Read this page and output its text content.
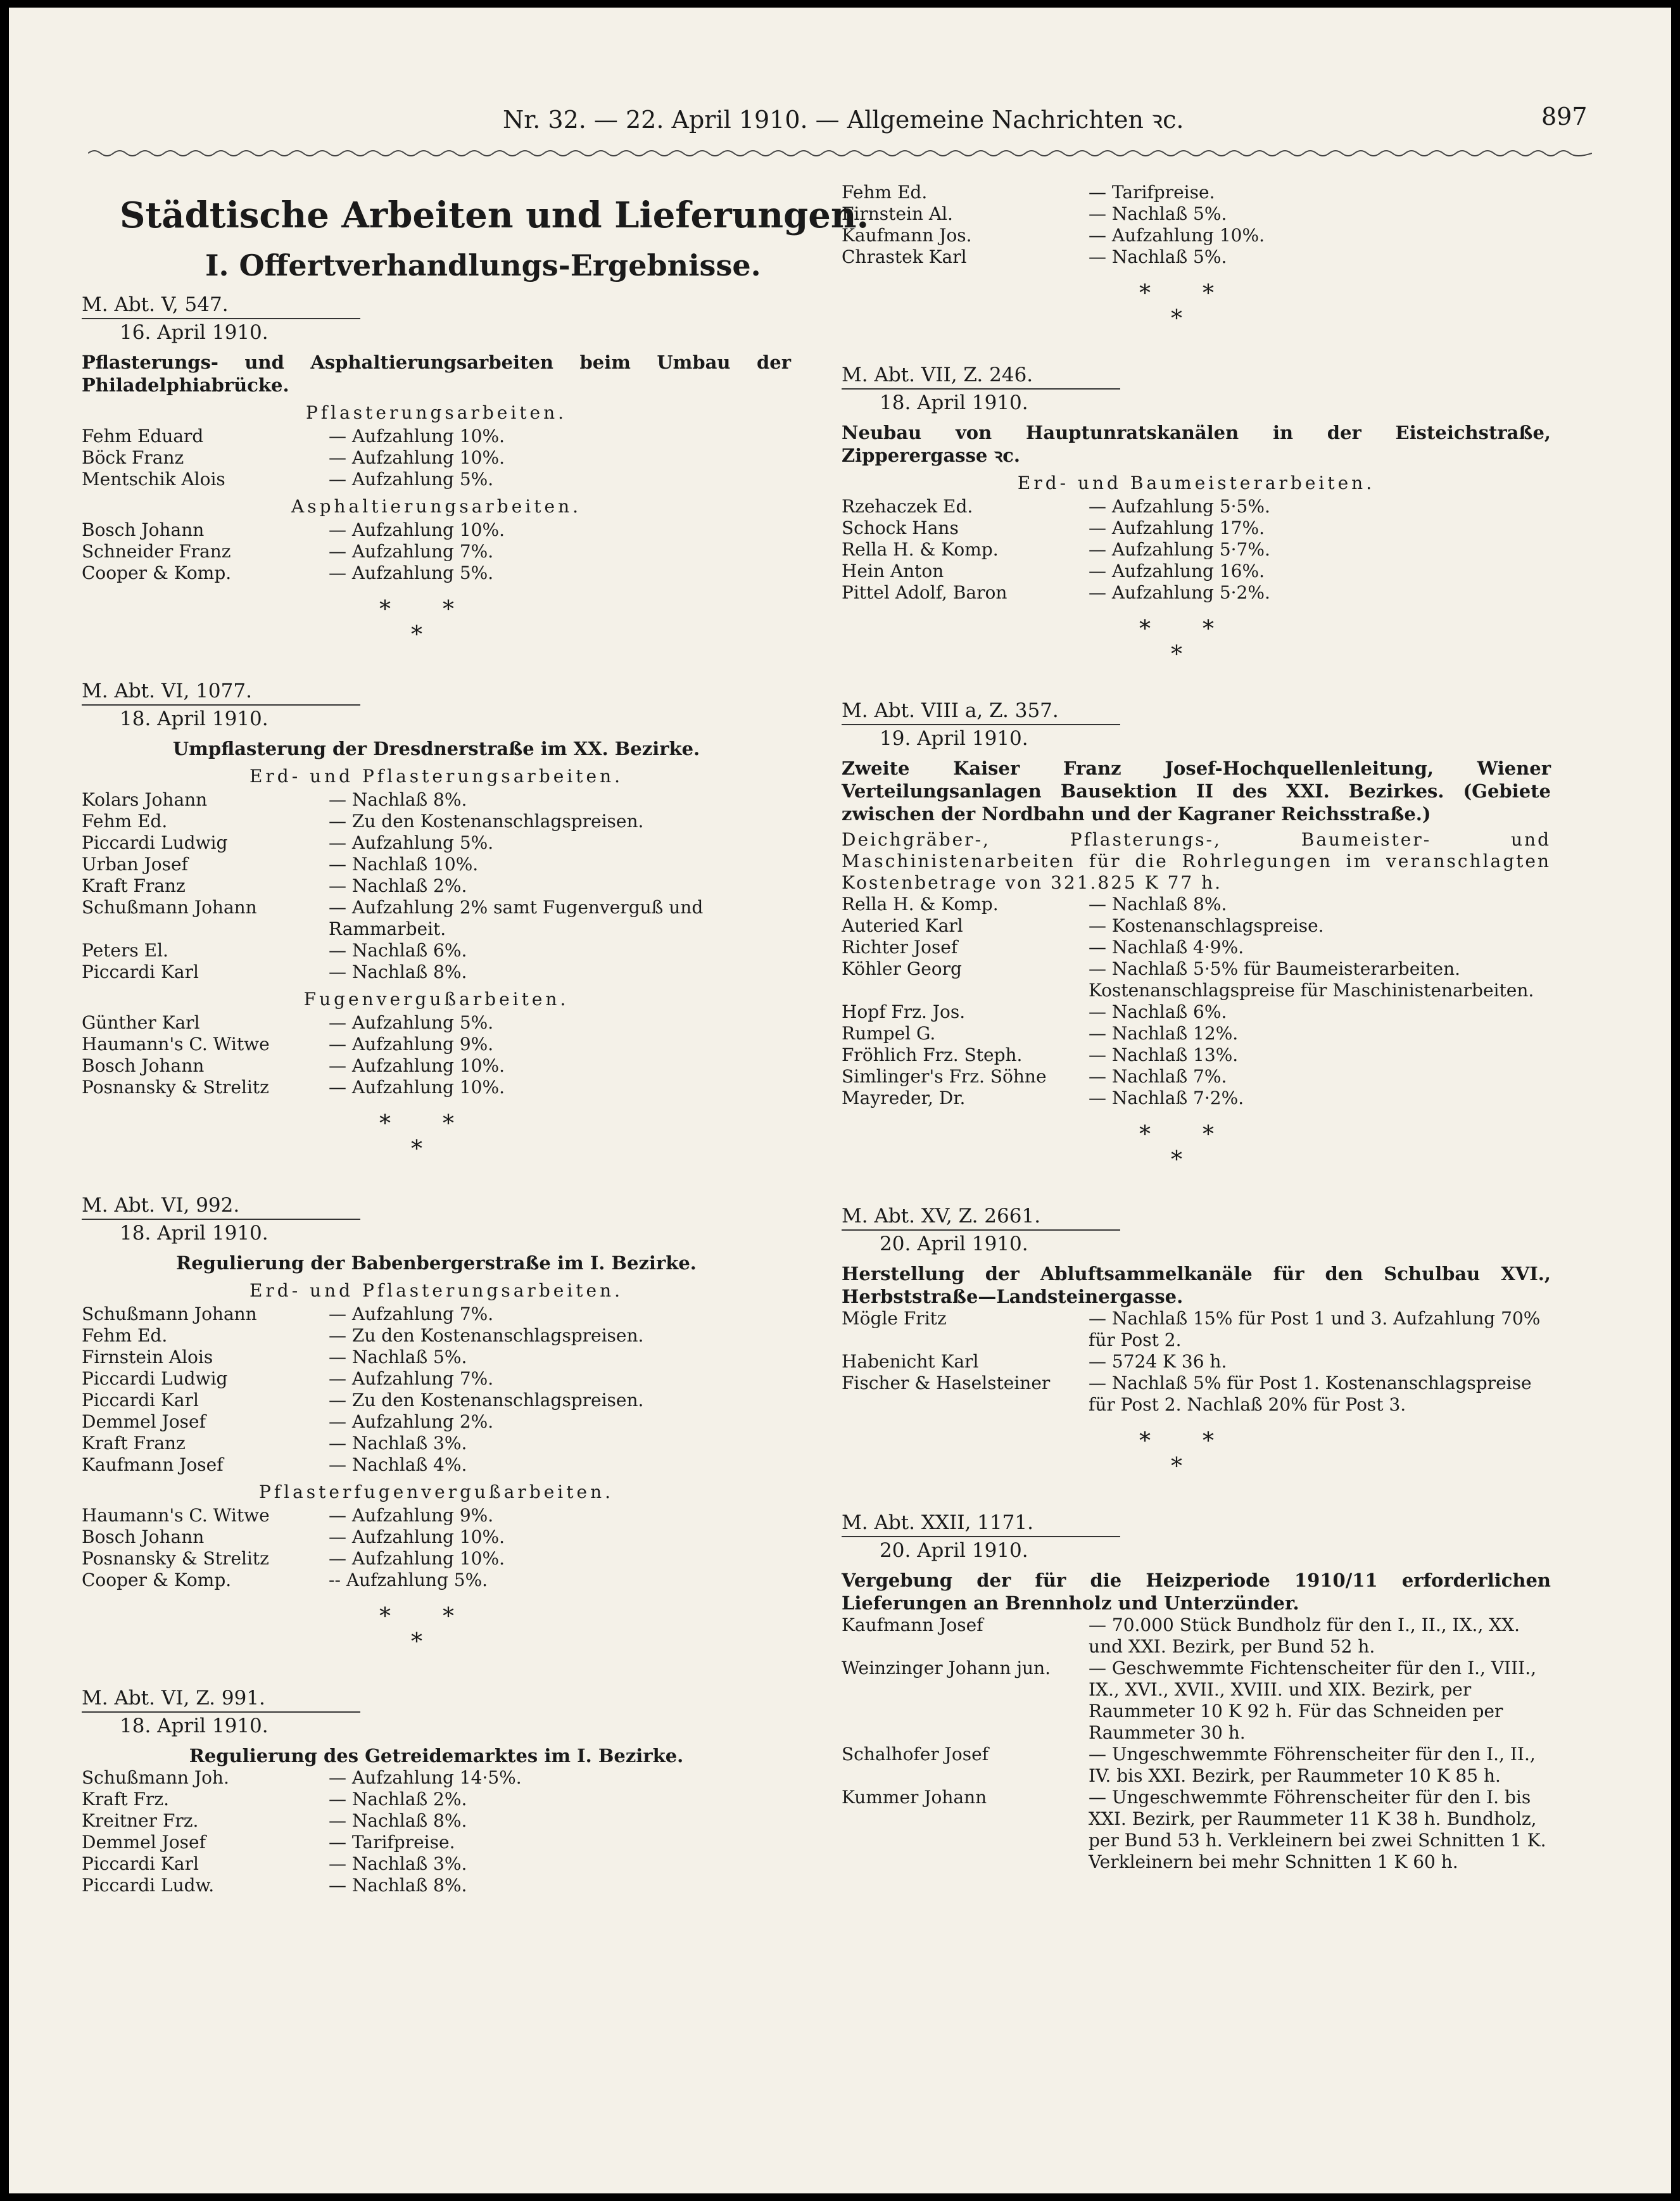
Nr. 32. — 22. April 1910. — Allgemeine Nachrichten ꝛc.	897
Städtische Arbeiten und Lieferungen.
I. Offertverhandlungs-Ergebnisse.
M. Abt. V, 547.
16. April 1910.
Pflasterungs- und Asphaltierungsarbeiten beim Umbau der Philadelphiabrücke.
Pflasterungsarbeiten.
Fehm Eduard	— Aufzahlung 10%.
Böck Franz	— Aufzahlung 10%.
Mentschik Alois	— Aufzahlung 5%.
Asphaltierungsarbeiten.
Bosch Johann	— Aufzahlung 10%.
Schneider Franz	— Aufzahlung 7%.
Cooper & Komp.	— Aufzahlung 5%.
*
*
*
M. Abt. VI, 1077.
18. April 1910.
Umpflasterung der Dresdnerstraße im XX. Bezirke.
Erd- und Pflasterungsarbeiten.
Kolars Johann	— Nachlaß 8%.
Fehm Ed.	— Zu den Kostenanschlagspreisen.
Piccardi Ludwig	— Aufzahlung 5%.
Urban Josef	— Nachlaß 10%.
Kraft Franz	— Nachlaß 2%.
Schußmann Johann	— Aufzahlung 2% samt Fugenverguß und Rammarbeit.
Peters El.	— Nachlaß 6%.
Piccardi Karl	— Nachlaß 8%.
Fugenvergußarbeiten.
Günther Karl	— Aufzahlung 5%.
Haumann's C. Witwe	— Aufzahlung 9%.
Bosch Johann	— Aufzahlung 10%.
Posnansky & Strelitz	— Aufzahlung 10%.
*
*
*
M. Abt. VI, 992.
18. April 1910.
Regulierung der Babenbergerstraße im I. Bezirke.
Erd- und Pflasterungsarbeiten.
Schußmann Johann	— Aufzahlung 7%.
Fehm Ed.	— Zu den Kostenanschlagspreisen.
Firnstein Alois	— Nachlaß 5%.
Piccardi Ludwig	— Aufzahlung 7%.
Piccardi Karl	— Zu den Kostenanschlagspreisen.
Demmel Josef	— Aufzahlung 2%.
Kraft Franz	— Nachlaß 3%.
Kaufmann Josef	— Nachlaß 4%.
Pflasterfugenvergußarbeiten.
Haumann's C. Witwe	— Aufzahlung 9%.
Bosch Johann	— Aufzahlung 10%.
Posnansky & Strelitz	— Aufzahlung 10%.
Cooper & Komp.	-- Aufzahlung 5%.
*
*
*
M. Abt. VI, Z. 991.
18. April 1910.
Regulierung des Getreidemarktes im I. Bezirke.
Schußmann Joh.	— Aufzahlung 14·5%.
Kraft Frz.	— Nachlaß 2%.
Kreitner Frz.	— Nachlaß 8%.
Demmel Josef	— Tarifpreise.
Piccardi Karl	— Nachlaß 3%.
Piccardi Ludw.	— Nachlaß 8%.
Fehm Ed.	— Tarifpreise.
Firnstein Al.	— Nachlaß 5%.
Kaufmann Jos.	— Aufzahlung 10%.
Chrastek Karl	— Nachlaß 5%.
*
*
*
M. Abt. VII, Z. 246.
18. April 1910.
Neubau von Hauptunratskanälen in der Eisteichstraße, Zipperergasse ꝛc.
Erd- und Baumeisterarbeiten.
Rzehaczek Ed.	— Aufzahlung 5·5%.
Schock Hans	— Aufzahlung 17%.
Rella H. & Komp.	— Aufzahlung 5·7%.
Hein Anton	— Aufzahlung 16%.
Pittel Adolf, Baron	— Aufzahlung 5·2%.
*
*
*
M. Abt. VIII a, Z. 357.
19. April 1910.
Zweite Kaiser Franz Josef-Hochquellenleitung, Wiener Verteilungsanlagen Bausektion II des XXI. Bezirkes. (Gebiete zwischen der Nordbahn und der Kagraner Reichsstraße.)
Deichgräber-, Pflasterungs-, Baumeister- und Maschinistenarbeiten für die Rohrlegungen im veranschlagten Kostenbetrage von 321.825 K 77 h.
Rella H. & Komp.	— Nachlaß 8%.
Auteried Karl	— Kostenanschlagspreise.
Richter Josef	— Nachlaß 4·9%.
Köhler Georg	— Nachlaß 5·5% für Baumeisterarbeiten. Kostenanschlagspreise für Maschinistenarbeiten.
Hopf Frz. Jos.	— Nachlaß 6%.
Rumpel G.	— Nachlaß 12%.
Fröhlich Frz. Steph.	— Nachlaß 13%.
Simlinger's Frz. Söhne	— Nachlaß 7%.
Mayreder, Dr.	— Nachlaß 7·2%.
*
*
*
M. Abt. XV, Z. 2661.
20. April 1910.
Herstellung der Abluftsammelkanäle für den Schulbau XVI., Herbststraße—Landsteinergasse.
Mögle Fritz	— Nachlaß 15% für Post 1 und 3. Aufzahlung 70% für Post 2.
Habenicht Karl	— 5724 K 36 h.
Fischer & Haselsteiner	— Nachlaß 5% für Post 1. Kostenanschlagspreise für Post 2. Nachlaß 20% für Post 3.
*
*
*
M. Abt. XXII, 1171.
20. April 1910.
Vergebung der für die Heizperiode 1910/11 erforderlichen Lieferungen an Brennholz und Unterzünder.
Kaufmann Josef	— 70.000 Stück Bundholz für den I., II., IX., XX. und XXI. Bezirk, per Bund 52 h.
Weinzinger Johann jun.	— Geschwemmte Fichtenscheiter für den I., VIII., IX., XVI., XVII., XVIII. und XIX. Bezirk, per Raummeter 10 K 92 h. Für das Schneiden per Raummeter 30 h.
Schalhofer Josef	— Ungeschwemmte Föhrenscheiter für den I., II., IV. bis XXI. Bezirk, per Raummeter 10 K 85 h.
Kummer Johann	— Ungeschwemmte Föhrenscheiter für den I. bis XXI. Bezirk, per Raummeter 11 K 38 h. Bundholz, per Bund 53 h. Verkleinern bei zwei Schnitten 1 K. Verkleinern bei mehr Schnitten 1 K 60 h.
